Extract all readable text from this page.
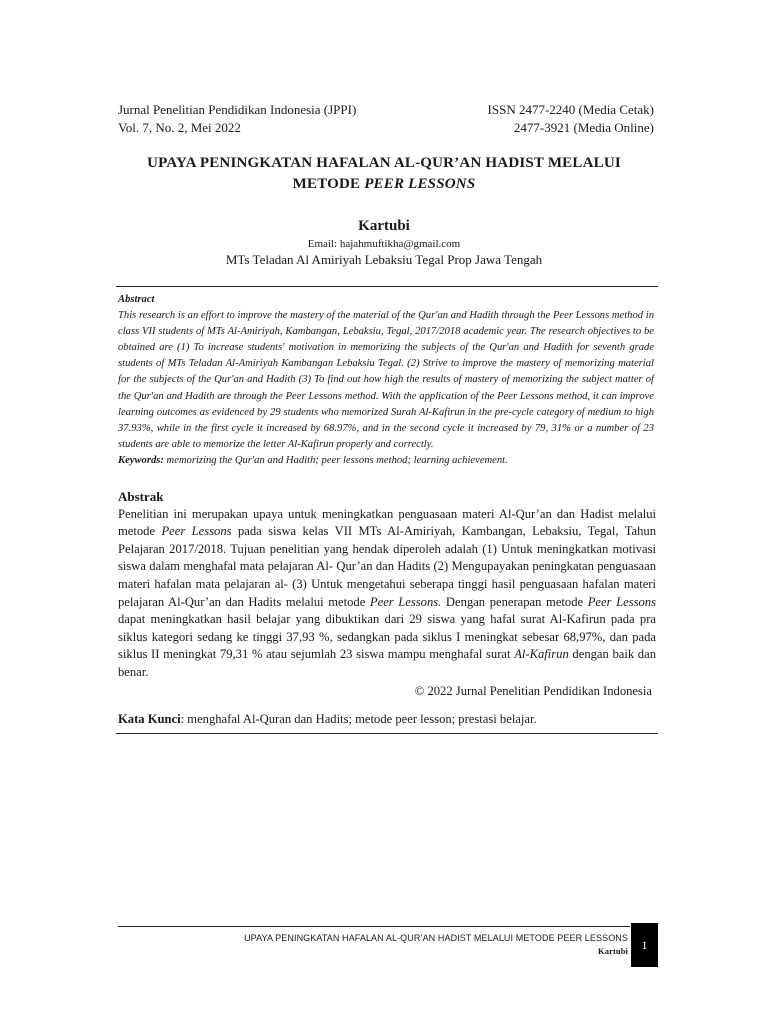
Jurnal Penelitian Pendidikan Indonesia (JPPI)	ISSN 2477-2240 (Media Cetak)
Vol. 7, No. 2, Mei 2022	2477-3921 (Media Online)
UPAYA PENINGKATAN HAFALAN AL-QUR’AN HADIST MELALUI
METODE PEER LESSONS
Kartubi
Email: hajahmuftikha@gmail.com
MTs Teladan Al Amiriyah Lebaksiu Tegal Prop Jawa Tengah
Abstract
This research is an effort to improve the mastery of the material of the Qur'an and Hadith through the Peer Lessons method in class VII students of MTs Al-Amiriyah, Kambangan, Lebaksiu, Tegal, 2017/2018 academic year. The research objectives to be obtained are (1) To increase students' motivation in memorizing the subjects of the Qur'an and Hadith for seventh grade students of MTs Teladan Al-Amiriyah Kambangan Lebaksiu Tegal. (2) Strive to improve the mastery of memorizing material for the subjects of the Qur'an and Hadith (3) To find out how high the results of mastery of memorizing the subject matter of the Qur'an and Hadith are through the Peer Lessons method. With the application of the Peer Lessons method, it can improve learning outcomes as evidenced by 29 students who memorized Surah Al-Kafirun in the pre-cycle category of medium to high 37.93%, while in the first cycle it increased by 68.97%, and in the second cycle it increased by 79, 31% or a number of 23 students are able to memorize the letter Al-Kafirun properly and correctly.
Keywords: memorizing the Qur'an and Hadith; peer lessons method; learning achievement.
Abstrak
Penelitian ini merupakan upaya untuk meningkatkan penguasaan materi Al-Qur’an dan Hadist melalui metode Peer Lessons pada siswa kelas VII MTs Al-Amiriyah, Kambangan, Lebaksiu, Tegal, Tahun Pelajaran 2017/2018. Tujuan penelitian yang hendak diperoleh adalah (1) Untuk meningkatkan motivasi siswa dalam menghafal mata pelajaran Al- Qur’an dan Hadits (2) Mengupayakan peningkatan penguasaan materi hafalan mata pelajaran al- (3) Untuk mengetahui seberapa tinggi hasil penguasaan hafalan materi pelajaran Al-Qur’an dan Hadits melalui metode Peer Lessons. Dengan penerapan metode Peer Lessons dapat meningkatkan hasil belajar yang dibuktikan dari 29 siswa yang hafal surat Al-Kafirun pada pra siklus kategori sedang ke tinggi 37,93 %, sedangkan pada siklus I meningkat sebesar 68,97%, dan pada siklus II meningkat 79,31 % atau sejumlah 23 siswa mampu menghafal surat Al-Kafirun dengan baik dan benar.
© 2022 Jurnal Penelitian Pendidikan Indonesia
Kata Kunci: menghafal Al-Quran dan Hadits; metode peer lesson; prestasi belajar.
UPAYA PENINGKATAN HAFALAN AL-QUR’AN HADIST MELALUI METODE PEER LESSONS
Kartubi 1
